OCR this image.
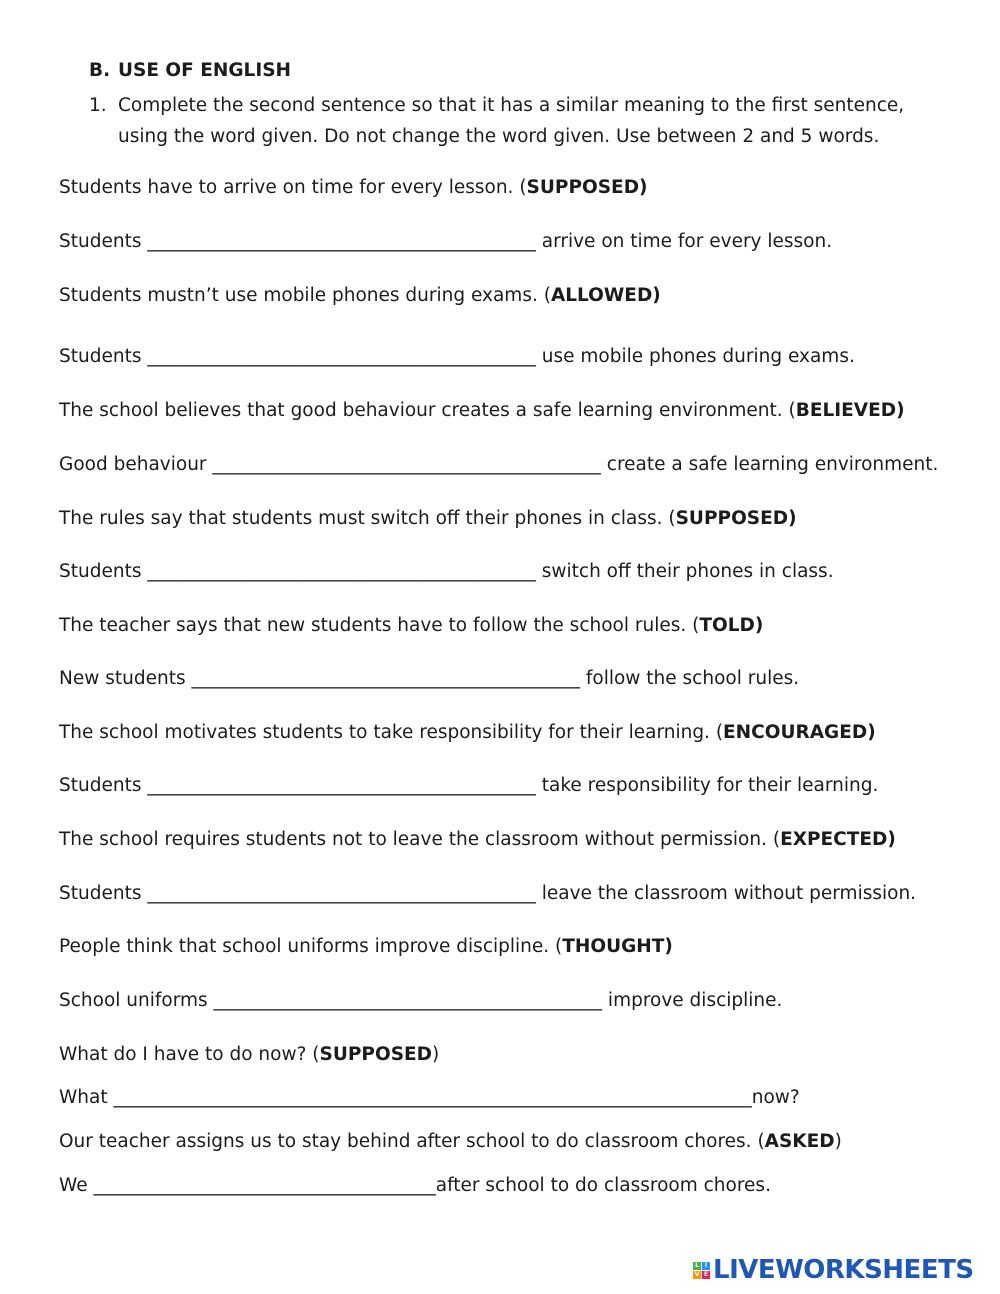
B. USE OF ENGLISH
1. Complete the second sentence so that it has a similar meaning to the first sentence, using the word given. Do not change the word given. Use between 2 and 5 words.
Students have to arrive on time for every lesson. (SUPPOSED)
Students __________________________________________ arrive on time for every lesson.
Students mustn’t use mobile phones during exams. (ALLOWED)
Students __________________________________________ use mobile phones during exams.
The school believes that good behaviour creates a safe learning environment. (BELIEVED)
Good behaviour __________________________________________ create a safe learning environment.
The rules say that students must switch off their phones in class. (SUPPOSED)
Students __________________________________________ switch off their phones in class.
The teacher says that new students have to follow the school rules. (TOLD)
New students __________________________________________ follow the school rules.
The school motivates students to take responsibility for their learning. (ENCOURAGED)
Students __________________________________________ take responsibility for their learning.
The school requires students not to leave the classroom without permission. (EXPECTED)
Students __________________________________________ leave the classroom without permission.
People think that school uniforms improve discipline. (THOUGHT)
School uniforms __________________________________________ improve discipline.
What do I have to do now? (SUPPOSED)
What _____________________________________________________________________now?
Our teacher assigns us to stay behind after school to do classroom chores. (ASKED)
We _____________________________________after school to do classroom chores.
L I
V E LIVEWORKSHEETS
